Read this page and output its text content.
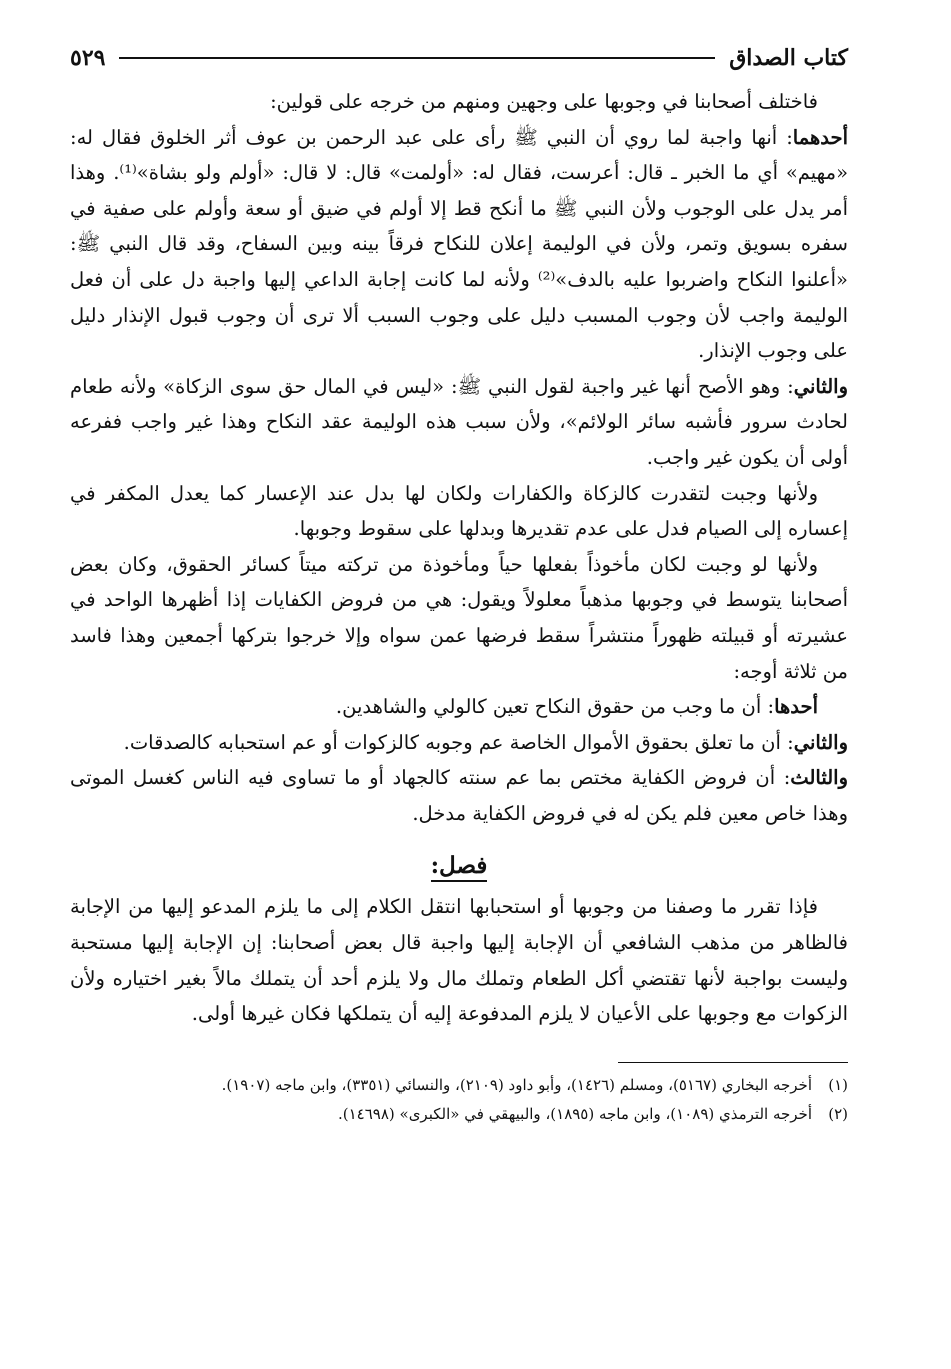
كتاب الصداق
٥٢٩

فاختلف أصحابنا في وجوبها على وجهين ومنهم من خرجه على قولين:

أحدهما: أنها واجبة لما روي أن النبي ﷺ رأى على عبد الرحمن بن عوف أثر الخلوق فقال له: «مهيم» أي ما الخبر ـ قال: أعرست، فقال له: «أولمت» قال: لا قال: «أولم ولو بشاة»⁽¹⁾. وهذا أمر يدل على الوجوب ولأن النبي ﷺ ما أنكح قط إلا أولم في ضيق أو سعة وأولم على صفية في سفره بسويق وتمر، ولأن في الوليمة إعلان للنكاح فرقاً بينه وبين السفاح، وقد قال النبي ﷺ: «أعلنوا النكاح واضربوا عليه بالدف»⁽²⁾ ولأنه لما كانت إجابة الداعي إليها واجبة دل على أن فعل الوليمة واجب لأن وجوب المسبب دليل على وجوب السبب ألا ترى أن وجوب قبول الإنذار دليل على وجوب الإنذار.

والثاني: وهو الأصح أنها غير واجبة لقول النبي ﷺ: «ليس في المال حق سوى الزكاة» ولأنه طعام لحادث سرور فأشبه سائر الولائم»، ولأن سبب هذه الوليمة عقد النكاح وهذا غير واجب ففرعه أولى أن يكون غير واجب.

ولأنها وجبت لتقدرت كالزكاة والكفارات ولكان لها بدل عند الإعسار كما يعدل المكفر في إعساره إلى الصيام فدل على عدم تقديرها وبدلها على سقوط وجوبها.

ولأنها لو وجبت لكان مأخوذاً بفعلها حياً ومأخوذة من تركته ميتاً كسائر الحقوق، وكان بعض أصحابنا يتوسط في وجوبها مذهباً معلولاً ويقول: هي من فروض الكفايات إذا أظهرها الواحد في عشيرته أو قبيلته ظهوراً منتشراً سقط فرضها عمن سواه وإلا خرجوا بتركها أجمعين وهذا فاسد من ثلاثة أوجه:

أحدها: أن ما وجب من حقوق النكاح تعين كالولي والشاهدين.

والثاني: أن ما تعلق بحقوق الأموال الخاصة عم وجوبه كالزكوات أو عم استحبابه كالصدقات.

والثالث: أن فروض الكفاية مختص بما عم سنته كالجهاد أو ما تساوى فيه الناس كغسل الموتى وهذا خاص معين فلم يكن له في فروض الكفاية مدخل.

فصل:

فإذا تقرر ما وصفنا من وجوبها أو استحبابها انتقل الكلام إلى ما يلزم المدعو إليها من الإجابة فالظاهر من مذهب الشافعي أن الإجابة إليها واجبة قال بعض أصحابنا: إن الإجابة إليها مستحبة وليست بواجبة لأنها تقتضي أكل الطعام وتملك مال ولا يلزم أحد أن يتملك مالاً بغير اختياره ولأن الزكوات مع وجوبها على الأعيان لا يلزم المدفوعة إليه أن يتملكها فكان غيرها أولى.

(١)
أخرجه البخاري (٥١٦٧)، ومسلم (١٤٢٦)، وأبو داود (٢١٠٩)، والنسائي (٣٣٥١)، وابن ماجه (١٩٠٧).
(٢)
أخرجه الترمذي (١٠٨٩)، وابن ماجه (١٨٩٥)، والبيهقي في «الكبرى» (١٤٦٩٨).
